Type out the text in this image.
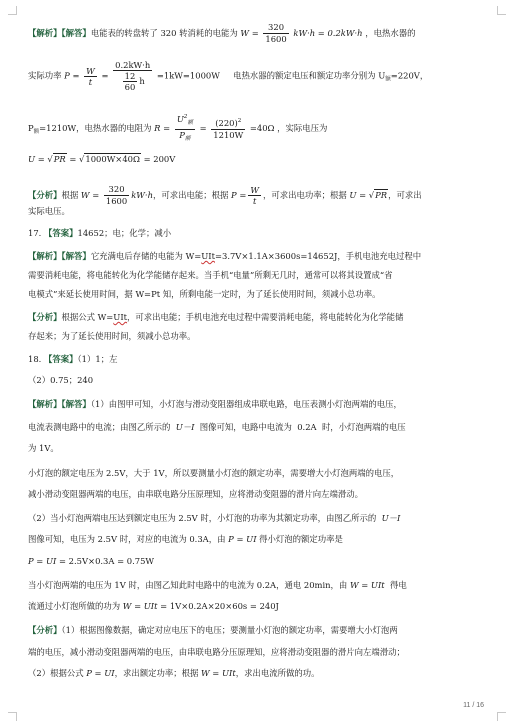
【解析】【解答】电能表的转盘转了 320 转消耗的电能为 $W = \frac{320}{1600} kW\cdot h = 0.2kW\cdot h$ ，电热水器的
实际功率 $P = \frac{W}{t} = \frac{0.2kW\cdot h}{\frac{12}{60} h} =1kW=1000W$ 电热水器的额定电压和额定功率分别为 $U_额=220V$，
$P_额=1210W$，电热水器的电阻为 $R = \frac{U^2_额}{P_额} = \frac{(220)^2}{1210W} =40\Omega$ ，实际电压为
U = √PR = √1000W×40Ω = 200V
【分析】根据 $W = \frac{320}{1600} kW\cdot h$，可求出电能；根据 $P = \frac{W}{t}$ ，可求出电功率；根据 U = √PR，可求出
实际电压。
17. 【答案】14652；电；化学；减小
【解析】【解答】它充满电后存储的电能为 W=UIt=3.7V×1.1A×3600s=14652J，手机电池充电过程中
需要消耗电能，将电能转化为化学能储存起来。当手机“电量”所剩无几时，通常可以将其设置成“省
电模式”来延长使用时间，据 W=Pt 知，所剩电能一定时，为了延长使用时间，须减小总功率。
【分析】根据公式 W=UIt，可求出电能；手机电池充电过程中需要消耗电能，将电能转化为化学能储
存起来；为了延长使用时间，须减小总功率。
18. 【答案】（1）1；左
（2）0.75；240
【解析】【解答】（1）由图甲可知，小灯泡与滑动变阻器组成串联电路，电压表测小灯泡两端的电压，
电流表测电路中的电流；由图乙所示的 U－I 图像可知，电路中电流为  0.2A  时，小灯泡两端的电压
为 1V。
小灯泡的额定电压为 2.5V，大于 1V，所以要测量小灯泡的额定功率，需要增大小灯泡两端的电压，
减小滑动变阻器两端的电压，由串联电路分压原理知，应将滑动变阻器的滑片向左端滑动。
（2）当小灯泡两端电压达到额定电压为 2.5V 时，小灯泡的功率为其额定功率，由图乙所示的 U－I
图像可知，电压为 2.5V 时，对应的电流为 0.3A，由 P = UI 得小灯泡的额定功率是
P = UI = 2.5V×0.3A = 0.75W
当小灯泡两端的电压为 1V 时，由图乙知此时电路中的电流为 0.2A，通电 20min，由 W = UIt 得电
流通过小灯泡所做的功为 W = UIt = 1V×0.2A×20×60s = 240J
【分析】（1）根据图像数据，确定对应电压下的电压；要测量小灯泡的额定功率，需要增大小灯泡两
端的电压，减小滑动变阻器两端的电压，由串联电路分压原理知，应将滑动变阻器的滑片向左端滑动；
（2）根据公式 P = UI，求出额定功率；根据 W = UIt，求出电流所做的功。
11 / 16
